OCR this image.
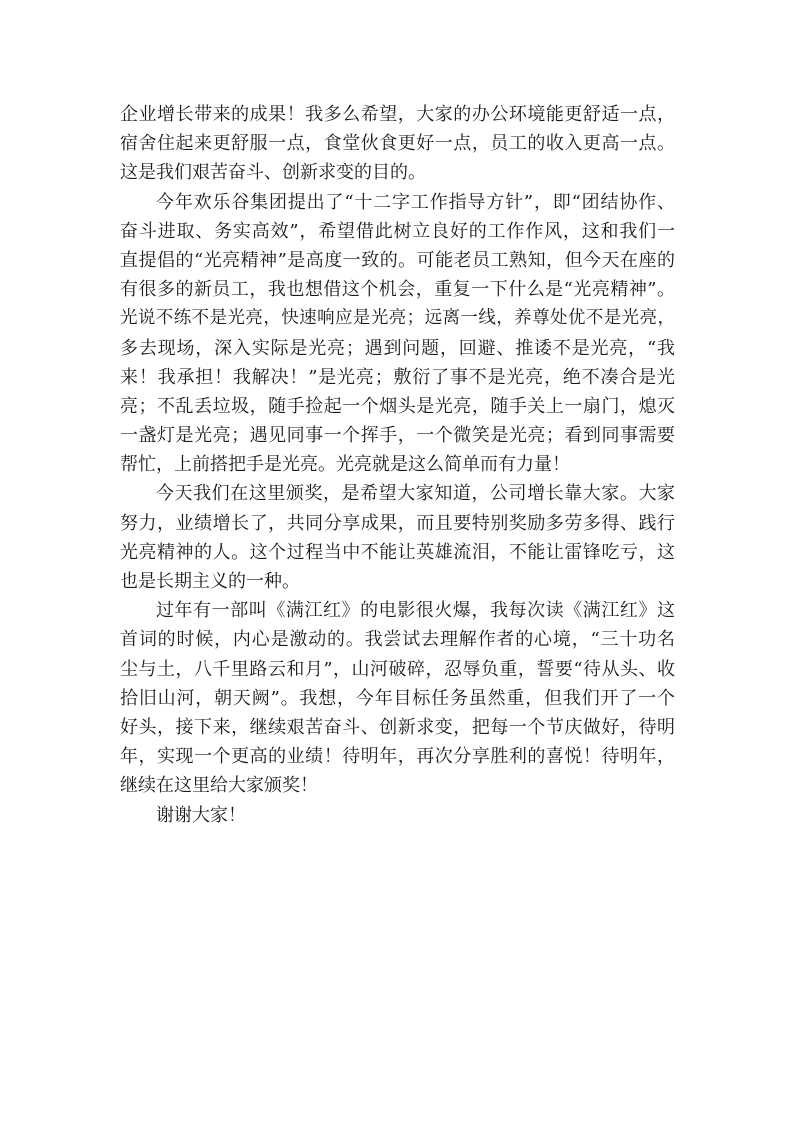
企业增长带来的成果！我多么希望，大家的办公环境能更舒适一点，
宿舍住起来更舒服一点，食堂伙食更好一点，员工的收入更高一点。
这是我们艰苦奋斗、创新求变的目的。
今年欢乐谷集团提出了“十二字工作指导方针”，即“团结协作、
奋斗进取、务实高效”，希望借此树立良好的工作作风，这和我们一
直提倡的“光亮精神”是高度一致的。可能老员工熟知，但今天在座的
有很多的新员工，我也想借这个机会，重复一下什么是“光亮精神”。
光说不练不是光亮，快速响应是光亮；远离一线，养尊处优不是光亮，
多去现场，深入实际是光亮；遇到问题，回避、推诿不是光亮，“我
来！我承担！我解决！”是光亮；敷衍了事不是光亮，绝不凑合是光
亮；不乱丢垃圾，随手捡起一个烟头是光亮，随手关上一扇门，熄灭
一盏灯是光亮；遇见同事一个挥手，一个微笑是光亮；看到同事需要
帮忙，上前搭把手是光亮。光亮就是这么简单而有力量！
今天我们在这里颁奖，是希望大家知道，公司增长靠大家。大家
努力，业绩增长了，共同分享成果，而且要特别奖励多劳多得、践行
光亮精神的人。这个过程当中不能让英雄流泪，不能让雷锋吃亏，这
也是长期主义的一种。
过年有一部叫《满江红》的电影很火爆，我每次读《满江红》这
首词的时候，内心是激动的。我尝试去理解作者的心境，“三十功名
尘与土，八千里路云和月”，山河破碎，忍辱负重，誓要“待从头、收
拾旧山河，朝天阙”。我想，今年目标任务虽然重，但我们开了一个
好头，接下来，继续艰苦奋斗、创新求变，把每一个节庆做好，待明
年，实现一个更高的业绩！待明年，再次分享胜利的喜悦！待明年，
继续在这里给大家颁奖！
谢谢大家！
